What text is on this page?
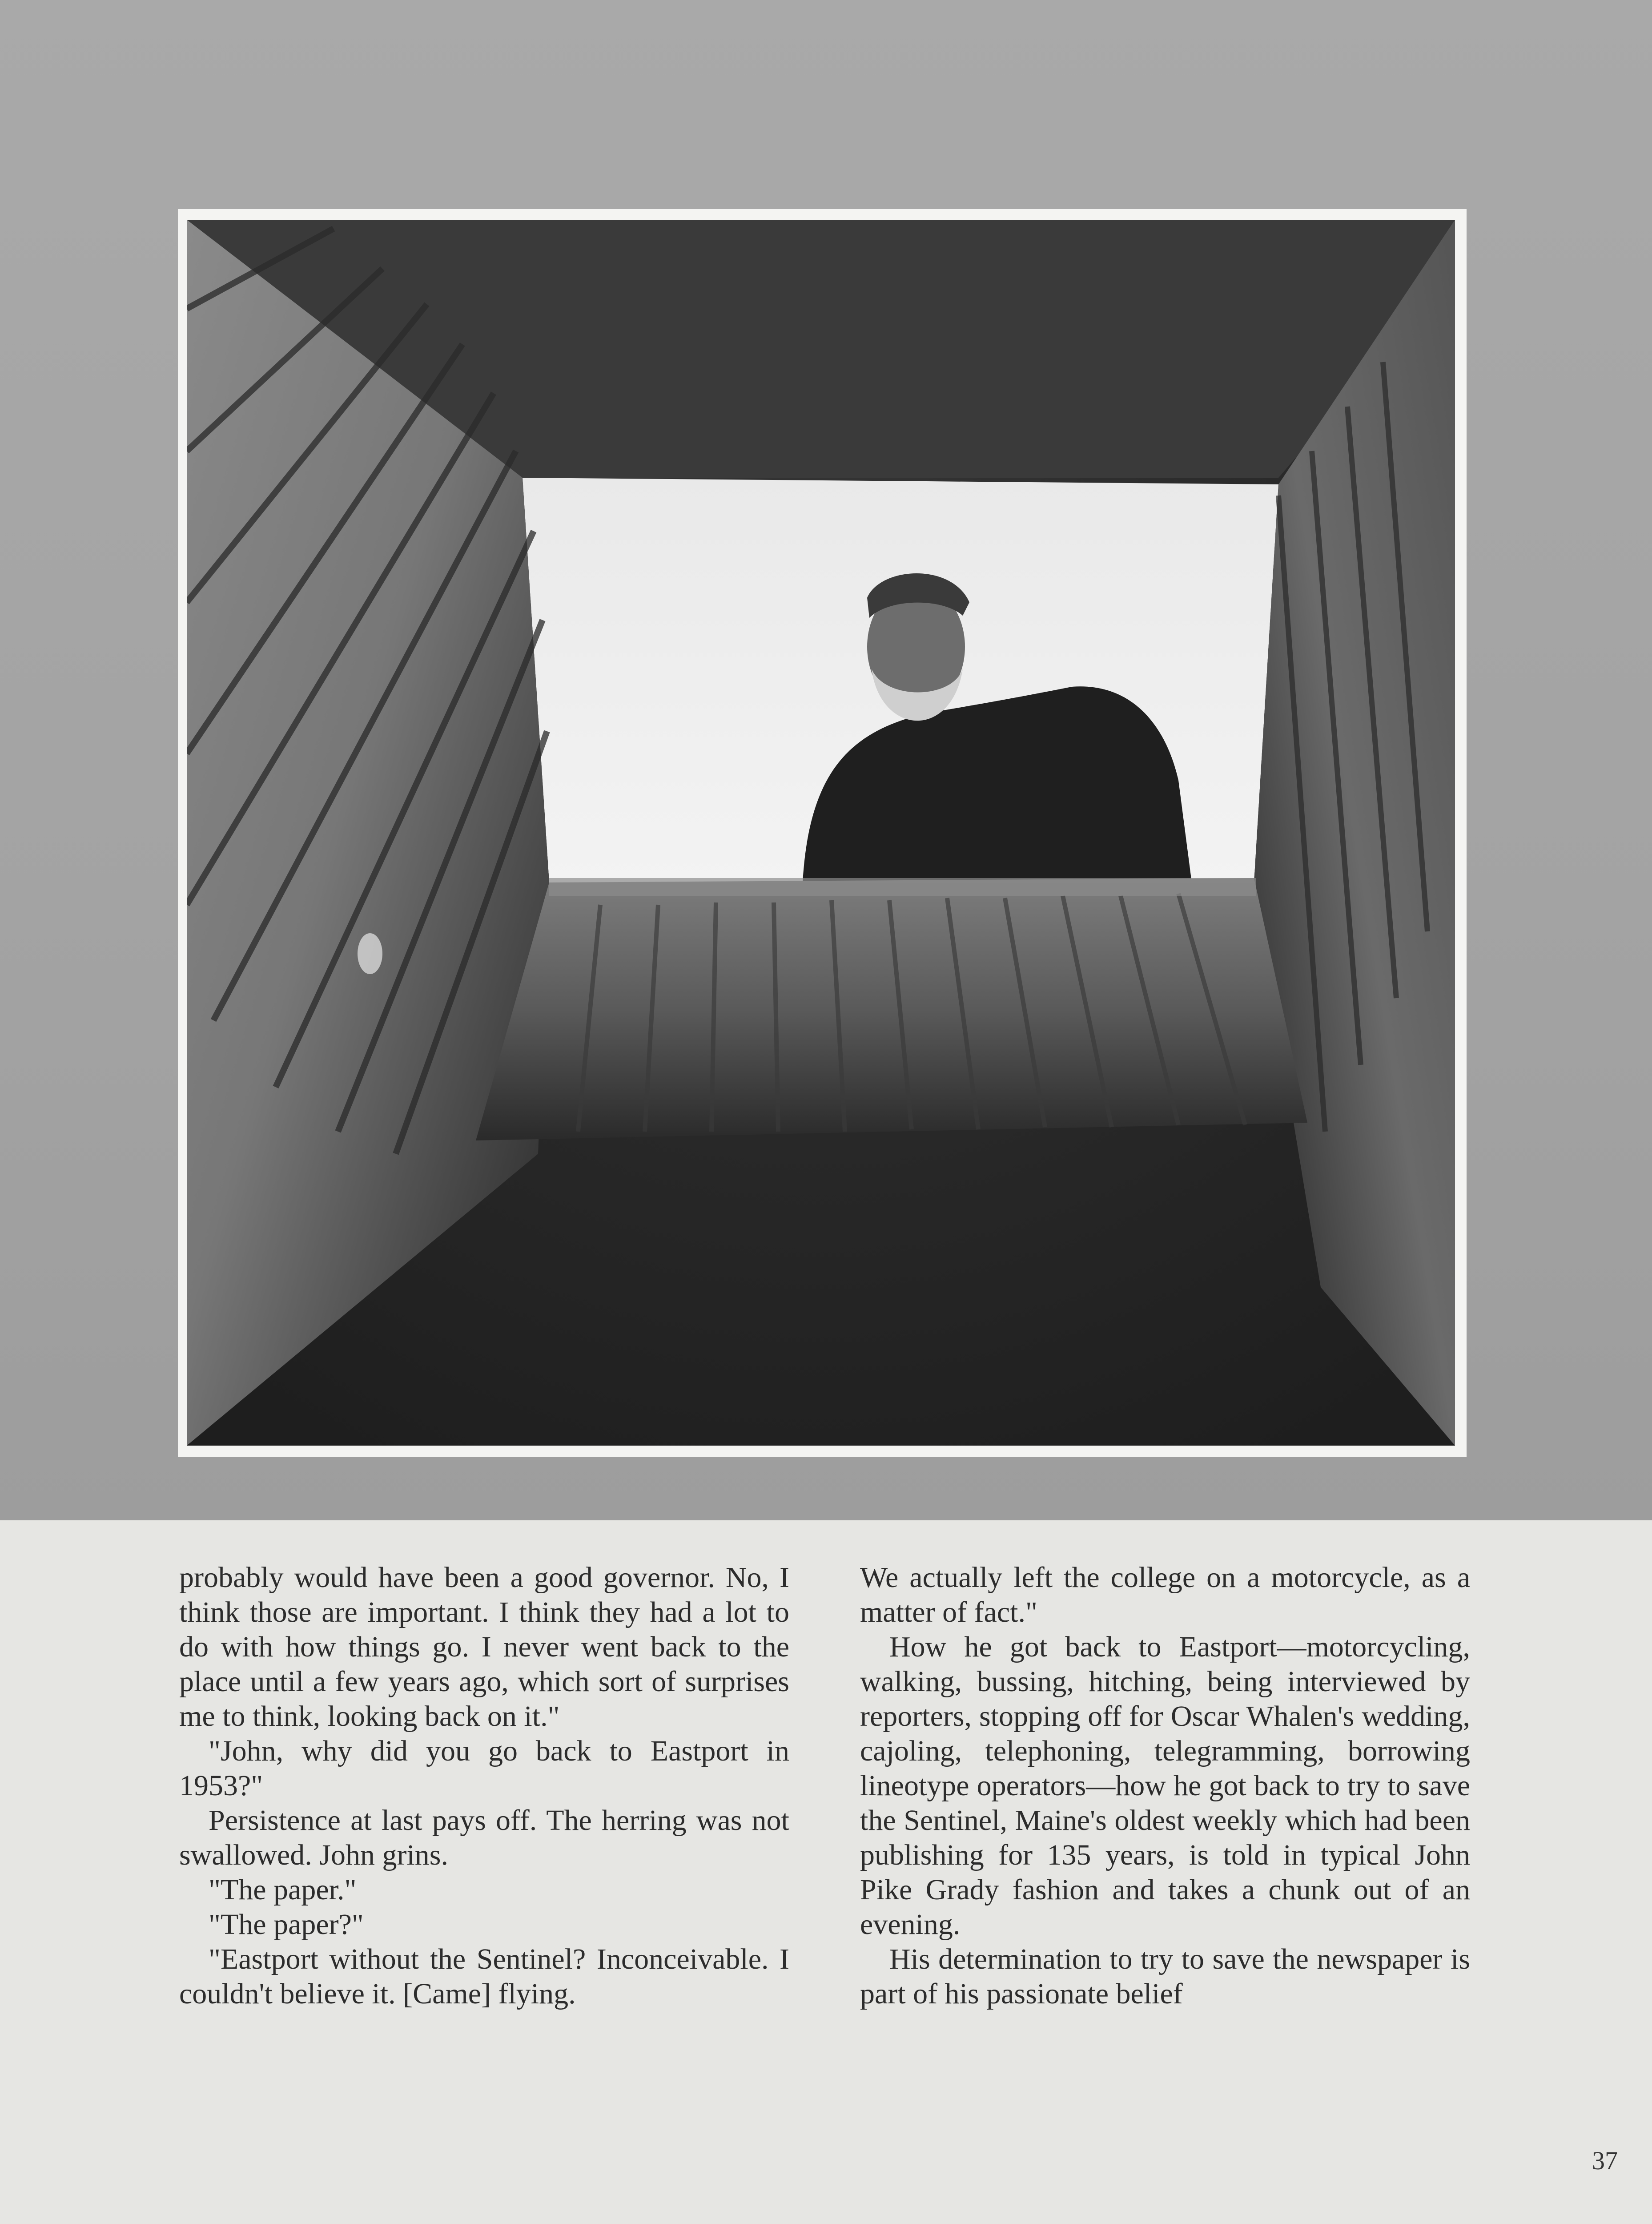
probably would have been a good governor. No, I think those are important. I think they had a lot to do with how things go. I never went back to the place until a few years ago, which sort of surprises me to think, looking back on it."

"John, why did you go back to Eastport in 1953?"

Persistence at last pays off. The herring was not swallowed. John grins.

"The paper."

"The paper?"

"Eastport without the Sentinel? Inconceivable. I couldn't believe it. [Came] flying.

We actually left the college on a motorcycle, as a matter of fact."

How he got back to Eastport—motorcycling, walking, bussing, hitching, being interviewed by reporters, stopping off for Oscar Whalen's wedding, cajoling, telephoning, telegramming, borrowing lineotype operators—how he got back to try to save the Sentinel, Maine's oldest weekly which had been publishing for 135 years, is told in typical John Pike Grady fashion and takes a chunk out of an evening.

His determination to try to save the newspaper is part of his passionate belief

37
